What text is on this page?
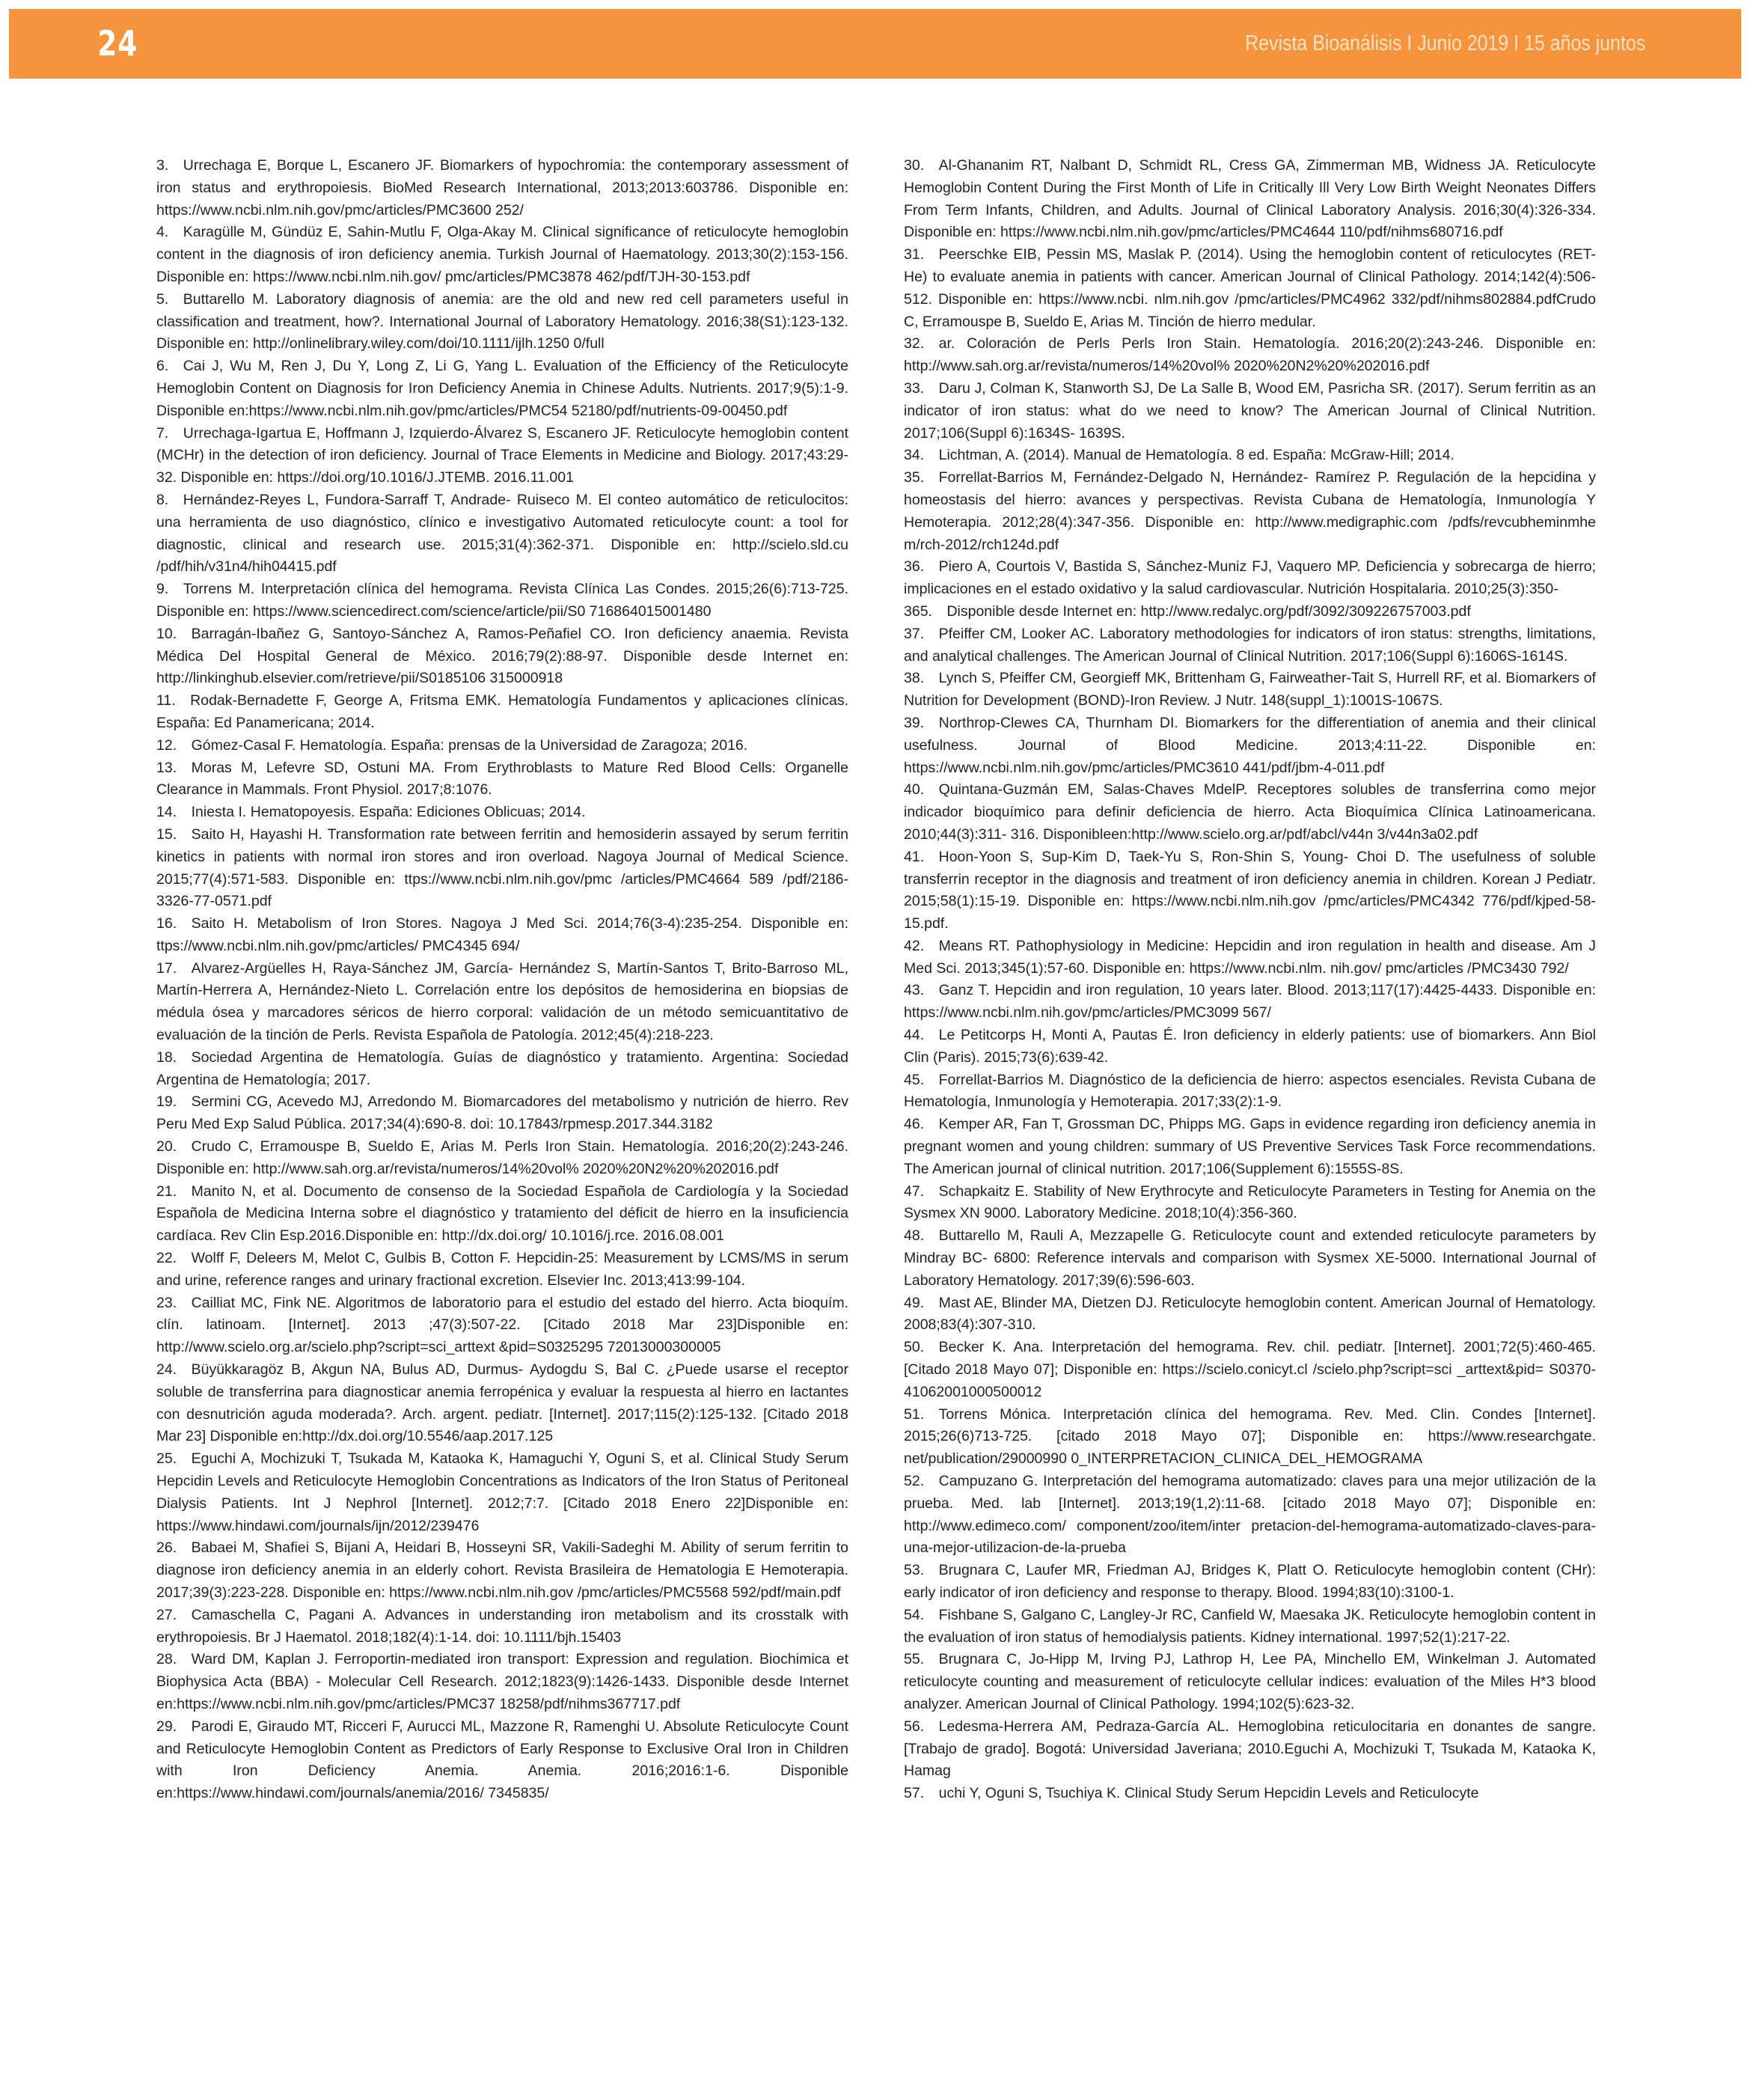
24	Revista Bioanálisis I Junio 2019 I 15 años juntos

3. Urrechaga E, Borque L, Escanero JF. Biomarkers of hypochromia: the contemporary assessment of iron status and erythropoiesis. BioMed Research International, 2013;2013:603786. Disponible en: https://www.ncbi.nlm.nih.gov/pmc/articles/PMC3600 252/

4. Karagülle M, Gündüz E, Sahin-Mutlu F, Olga-Akay M. Clinical significance of reticulocyte hemoglobin content in the diagnosis of iron deficiency anemia. Turkish Journal of Haematology. 2013;30(2):153-156. Disponible en: https://www.ncbi.nlm.nih.gov/ pmc/articles/PMC3878 462/pdf/TJH-30-153.pdf

5. Buttarello M. Laboratory diagnosis of anemia: are the old and new red cell parameters useful in classification and treatment, how?. International Journal of Laboratory Hematology. 2016;38(S1):123-132. Disponible en: http://onlinelibrary.wiley.com/doi/10.1111/ijlh.1250 0/full

6. Cai J, Wu M, Ren J, Du Y, Long Z, Li G, Yang L. Evaluation of the Efficiency of the Reticulocyte Hemoglobin Content on Diagnosis for Iron Deficiency Anemia in Chinese Adults. Nutrients. 2017;9(5):1-9. Disponible en:https://www.ncbi.nlm.nih.gov/pmc/articles/PMC54 52180/pdf/nutrients-09-00450.pdf

7. Urrechaga-Igartua E, Hoffmann J, Izquierdo-Álvarez S, Escanero JF. Reticulocyte hemoglobin content (MCHr) in the detection of iron deficiency. Journal of Trace Elements in Medicine and Biology. 2017;43:29-32. Disponible en: https://doi.org/10.1016/J.JTEMB. 2016.11.001

8. Hernández-Reyes L, Fundora-Sarraff T, Andrade- Ruiseco M. El conteo automático de reticulocitos: una herramienta de uso diagnóstico, clínico e investigativo Automated reticulocyte count: a tool for diagnostic, clinical and research use. 2015;31(4):362-371. Disponible en: http://scielo.sld.cu /pdf/hih/v31n4/hih04415.pdf

9. Torrens M. Interpretación clínica del hemograma. Revista Clínica Las Condes. 2015;26(6):713-725. Disponible en: https://www.sciencedirect.com/science/article/pii/S0 716864015001480

10. Barragán-Ibañez G, Santoyo-Sánchez A, Ramos-Peñafiel CO. Iron deficiency anaemia. Revista Médica Del Hospital General de México. 2016;79(2):88-97. Disponible desde Internet en: http://linkinghub.elsevier.com/retrieve/pii/S0185106 315000918

11. Rodak-Bernadette F, George A, Fritsma EMK. Hematología Fundamentos y aplicaciones clínicas. España: Ed Panamericana; 2014.

12. Gómez-Casal F. Hematología. España: prensas de la Universidad de Zaragoza; 2016.

13. Moras M, Lefevre SD, Ostuni MA. From Erythroblasts to Mature Red Blood Cells: Organelle Clearance in Mammals. Front Physiol. 2017;8:1076.

14. Iniesta I. Hematopoyesis. España: Ediciones Oblicuas; 2014.

15. Saito H, Hayashi H. Transformation rate between ferritin and hemosiderin assayed by serum ferritin kinetics in patients with normal iron stores and iron overload. Nagoya Journal of Medical Science. 2015;77(4):571-583. Disponible en: ttps://www.ncbi.nlm.nih.gov/pmc /articles/PMC4664 589 /pdf/2186-3326-77-0571.pdf

16. Saito H. Metabolism of Iron Stores. Nagoya J Med Sci. 2014;76(3-4):235-254. Disponible en: ttps://www.ncbi.nlm.nih.gov/pmc/articles/ PMC4345 694/

17. Alvarez-Argüelles H, Raya-Sánchez JM, García- Hernández S, Martín-Santos T, Brito-Barroso ML, Martín-Herrera A, Hernández-Nieto L. Correlación entre los depósitos de hemosiderina en biopsias de médula ósea y marcadores séricos de hierro corporal: validación de un método semicuantitativo de evaluación de la tinción de Perls. Revista Española de Patología. 2012;45(4):218-223.

18. Sociedad Argentina de Hematología. Guías de diagnóstico y tratamiento. Argentina: Sociedad Argentina de Hematología; 2017.

19. Sermini CG, Acevedo MJ, Arredondo M. Biomarcadores del metabolismo y nutrición de hierro. Rev Peru Med Exp Salud Pública. 2017;34(4):690-8. doi: 10.17843/rpmesp.2017.344.3182

20. Crudo C, Erramouspe B, Sueldo E, Arias M. Perls Iron Stain. Hematología. 2016;20(2):243-246. Disponible en: http://www.sah.org.ar/revista/numeros/14%20vol% 2020%20N2%20%202016.pdf

21. Manito N, et al. Documento de consenso de la Sociedad Española de Cardiología y la Sociedad Española de Medicina Interna sobre el diagnóstico y tratamiento del déficit de hierro en la insuficiencia cardíaca. Rev Clin Esp.2016.Disponible en: http://dx.doi.org/ 10.1016/j.rce. 2016.08.001

22. Wolff F, Deleers M, Melot C, Gulbis B, Cotton F. Hepcidin-25: Measurement by LCMS/MS in serum and urine, reference ranges and urinary fractional excretion. Elsevier Inc. 2013;413:99-104.

23. Cailliat MC, Fink NE. Algoritmos de laboratorio para el estudio del estado del hierro. Acta bioquím. clín. latinoam. [Internet]. 2013 ;47(3):507-22. [Citado 2018 Mar 23]Disponible en: http://www.scielo.org.ar/scielo.php?script=sci_arttext &pid=S0325295 72013000300005

24. Büyükkaragöz B, Akgun NA, Bulus AD, Durmus- Aydogdu S, Bal C. ¿Puede usarse el receptor soluble de transferrina para diagnosticar anemia ferropénica y evaluar la respuesta al hierro en lactantes con desnutrición aguda moderada?. Arch. argent. pediatr. [Internet]. 2017;115(2):125-132. [Citado 2018 Mar 23] Disponible en:http://dx.doi.org/10.5546/aap.2017.125

25. Eguchi A, Mochizuki T, Tsukada M, Kataoka K, Hamaguchi Y, Oguni S, et al. Clinical Study Serum Hepcidin Levels and Reticulocyte Hemoglobin Concentrations as Indicators of the Iron Status of Peritoneal Dialysis Patients. Int J Nephrol [Internet]. 2012;7:7. [Citado 2018 Enero 22]Disponible en: https://www.hindawi.com/journals/ijn/2012/239476

26. Babaei M, Shafiei S, Bijani A, Heidari B, Hosseyni SR, Vakili-Sadeghi M. Ability of serum ferritin to diagnose iron deficiency anemia in an elderly cohort. Revista Brasileira de Hematologia E Hemoterapia. 2017;39(3):223-228. Disponible en: https://www.ncbi.nlm.nih.gov /pmc/articles/PMC5568 592/pdf/main.pdf

27. Camaschella C, Pagani A. Advances in understanding iron metabolism and its crosstalk with erythropoiesis. Br J Haematol. 2018;182(4):1-14. doi: 10.1111/bjh.15403

28. Ward DM, Kaplan J. Ferroportin-mediated iron transport: Expression and regulation. Biochimica et Biophysica Acta (BBA) - Molecular Cell Research. 2012;1823(9):1426-1433. Disponible desde Internet en:https://www.ncbi.nlm.nih.gov/pmc/articles/PMC37 18258/pdf/nihms367717.pdf

29. Parodi E, Giraudo MT, Ricceri F, Aurucci ML, Mazzone R, Ramenghi U. Absolute Reticulocyte Count and Reticulocyte Hemoglobin Content as Predictors of Early Response to Exclusive Oral Iron in Children with Iron Deficiency Anemia. Anemia. 2016;2016:1-6. Disponible en:https://www.hindawi.com/journals/anemia/2016/ 7345835/

30. Al-Ghananim RT, Nalbant D, Schmidt RL, Cress GA, Zimmerman MB, Widness JA. Reticulocyte Hemoglobin Content During the First Month of Life in Critically Ill Very Low Birth Weight Neonates Differs From Term Infants, Children, and Adults. Journal of Clinical Laboratory Analysis. 2016;30(4):326-334. Disponible en: https://www.ncbi.nlm.nih.gov/pmc/articles/PMC4644 110/pdf/nihms680716.pdf

31. Peerschke EIB, Pessin MS, Maslak P. (2014). Using the hemoglobin content of reticulocytes (RET-He) to evaluate anemia in patients with cancer. American Journal of Clinical Pathology. 2014;142(4):506-512. Disponible en: https://www.ncbi. nlm.nih.gov /pmc/articles/PMC4962 332/pdf/nihms802884.pdfCrudo C, Erramouspe B, Sueldo E, Arias M. Tinción de hierro medular.

32. ar. Coloración de Perls Perls Iron Stain. Hematología. 2016;20(2):243-246. Disponible en: http://www.sah.org.ar/revista/numeros/14%20vol% 2020%20N2%20%202016.pdf

33. Daru J, Colman K, Stanworth SJ, De La Salle B, Wood EM, Pasricha SR. (2017). Serum ferritin as an indicator of iron status: what do we need to know? The American Journal of Clinical Nutrition. 2017;106(Suppl 6):1634S- 1639S.

34. Lichtman, A. (2014). Manual de Hematología. 8 ed. España: McGraw-Hill; 2014.

35. Forrellat-Barrios M, Fernández-Delgado N, Hernández- Ramírez P. Regulación de la hepcidina y homeostasis del hierro: avances y perspectivas. Revista Cubana de Hematología, Inmunología Y Hemoterapia. 2012;28(4):347-356. Disponible en: http://www.medigraphic.com /pdfs/revcubheminmhe m/rch-2012/rch124d.pdf

36. Piero A, Courtois V, Bastida S, Sánchez-Muniz FJ, Vaquero MP. Deficiencia y sobrecarga de hierro; implicaciones en el estado oxidativo y la salud cardiovascular. Nutrición Hospitalaria. 2010;25(3):350-

365. Disponible desde Internet en: http://www.redalyc.org/pdf/3092/309226757003.pdf

37. Pfeiffer CM, Looker AC. Laboratory methodologies for indicators of iron status: strengths, limitations, and analytical challenges. The American Journal of Clinical Nutrition. 2017;106(Suppl 6):1606S-1614S.

38. Lynch S, Pfeiffer CM, Georgieff MK, Brittenham G, Fairweather-Tait S, Hurrell RF, et al. Biomarkers of Nutrition for Development (BOND)-Iron Review. J Nutr. 148(suppl_1):1001S-1067S.

39. Northrop-Clewes CA, Thurnham DI. Biomarkers for the differentiation of anemia and their clinical usefulness. Journal of Blood Medicine. 2013;4:11-22. Disponible en: https://www.ncbi.nlm.nih.gov/pmc/articles/PMC3610 441/pdf/jbm-4-011.pdf

40. Quintana-Guzmán EM, Salas-Chaves MdelP. Receptores solubles de transferrina como mejor indicador bioquímico para definir deficiencia de hierro. Acta Bioquímica Clínica Latinoamericana. 2010;44(3):311- 316. Disponibleen:http://www.scielo.org.ar/pdf/abcl/v44n 3/v44n3a02.pdf

41. Hoon-Yoon S, Sup-Kim D, Taek-Yu S, Ron-Shin S, Young- Choi D. The usefulness of soluble transferrin receptor in the diagnosis and treatment of iron deficiency anemia in children. Korean J Pediatr. 2015;58(1):15-19. Disponible en: https://www.ncbi.nlm.nih.gov /pmc/articles/PMC4342 776/pdf/kjped-58-15.pdf.

42. Means RT. Pathophysiology in Medicine: Hepcidin and iron regulation in health and disease. Am J Med Sci. 2013;345(1):57-60. Disponible en: https://www.ncbi.nlm. nih.gov/ pmc/articles /PMC3430 792/

43. Ganz T. Hepcidin and iron regulation, 10 years later. Blood. 2013;117(17):4425-4433. Disponible en: https://www.ncbi.nlm.nih.gov/pmc/articles/PMC3099 567/

44. Le Petitcorps H, Monti A, Pautas É. Iron deficiency in elderly patients: use of biomarkers. Ann Biol Clin (Paris). 2015;73(6):639-42.

45. Forrellat-Barrios M. Diagnóstico de la deficiencia de hierro: aspectos esenciales. Revista Cubana de Hematología, Inmunología y Hemoterapia. 2017;33(2):1-9.

46. Kemper AR, Fan T, Grossman DC, Phipps MG. Gaps in evidence regarding iron deficiency anemia in pregnant women and young children: summary of US Preventive Services Task Force recommendations. The American journal of clinical nutrition. 2017;106(Supplement 6):1555S-8S.

47. Schapkaitz E. Stability of New Erythrocyte and Reticulocyte Parameters in Testing for Anemia on the Sysmex XN 9000. Laboratory Medicine. 2018;10(4):356-360.

48. Buttarello M, Rauli A, Mezzapelle G. Reticulocyte count and extended reticulocyte parameters by Mindray BC- 6800: Reference intervals and comparison with Sysmex XE-5000. International Journal of Laboratory Hematology. 2017;39(6):596-603.

49. Mast AE, Blinder MA, Dietzen DJ. Reticulocyte hemoglobin content. American Journal of Hematology. 2008;83(4):307-310.

50. Becker K. Ana. Interpretación del hemograma. Rev. chil. pediatr. [Internet]. 2001;72(5):460-465. [Citado 2018 Mayo 07]; Disponible en: https://scielo.conicyt.cl /scielo.php?script=sci _arttext&pid= S0370-41062001000500012

51. Torrens Mónica. Interpretación clínica del hemograma. Rev. Med. Clin. Condes [Internet]. 2015;26(6)713-725. [citado 2018 Mayo 07]; Disponible en: https://www.researchgate. net/publication/29000990 0_INTERPRETACION_CLINICA_DEL_HEMOGRAMA

52. Campuzano G. Interpretación del hemograma automatizado: claves para una mejor utilización de la prueba. Med. lab [Internet]. 2013;19(1,2):11-68. [citado 2018 Mayo 07]; Disponible en: http://www.edimeco.com/ component/zoo/item/inter pretacion-del-hemograma-automatizado-claves-para-una-mejor-utilizacion-de-la-prueba

53. Brugnara C, Laufer MR, Friedman AJ, Bridges K, Platt O. Reticulocyte hemoglobin content (CHr): early indicator of iron deficiency and response to therapy. Blood. 1994;83(10):3100-1.

54. Fishbane S, Galgano C, Langley-Jr RC, Canfield W, Maesaka JK. Reticulocyte hemoglobin content in the evaluation of iron status of hemodialysis patients. Kidney international. 1997;52(1):217-22.

55. Brugnara C, Jo-Hipp M, Irving PJ, Lathrop H, Lee PA, Minchello EM, Winkelman J. Automated reticulocyte counting and measurement of reticulocyte cellular indices: evaluation of the Miles H*3 blood analyzer. American Journal of Clinical Pathology. 1994;102(5):623-32.

56. Ledesma-Herrera AM, Pedraza-García AL. Hemoglobina reticulocitaria en donantes de sangre. [Trabajo de grado]. Bogotá: Universidad Javeriana; 2010.Eguchi A, Mochizuki T, Tsukada M, Kataoka K, Hamag

57. uchi Y, Oguni S, Tsuchiya K. Clinical Study Serum Hepcidin Levels and Reticulocyte
